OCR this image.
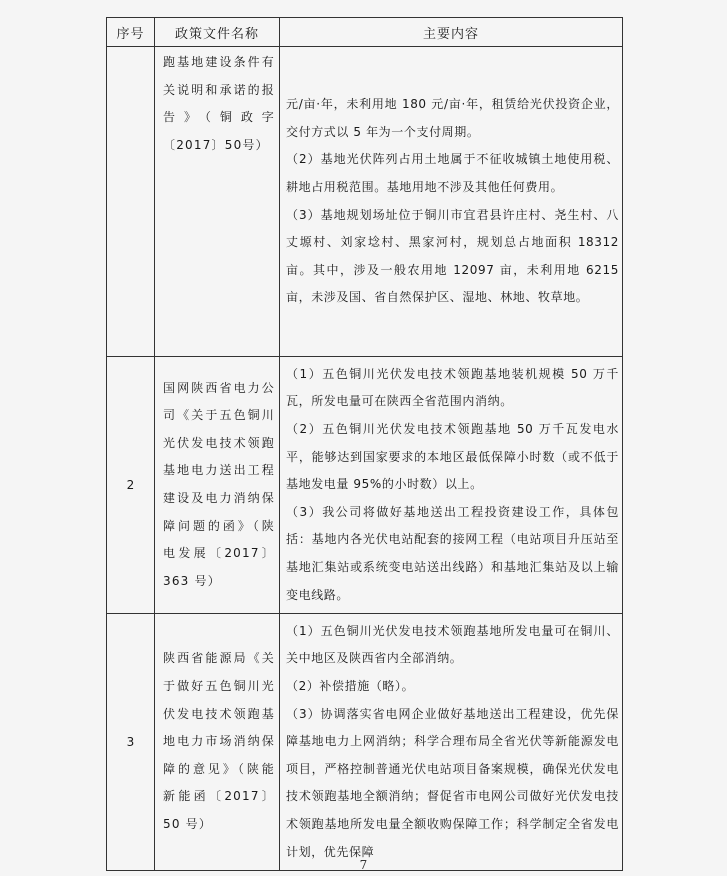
序号	政策文件名称	主要内容
	跑基地建设条件有关说明和承诺的报告》（铜政字〔2017〕50号）	元/亩·年，未利用地 180 元/亩·年，租赁给光伏投资企业，交付方式以 5 年为一个支付周期。

（2）基地光伏阵列占用土地属于不征收城镇土地使用税、耕地占用税范围。基地用地不涉及其他任何费用。

（3）基地规划场址位于铜川市宜君县许庄村、尧生村、八丈塬村、刘家埝村、黑家河村，规划总占地面积 18312 亩。其中，涉及一般农用地 12097 亩，未利用地 6215 亩，未涉及国、省自然保护区、湿地、林地、牧草地。

2	国网陕西省电力公司《关于五色铜川光伏发电技术领跑基地电力送出工程建设及电力消纳保障问题的函》（陕电发展〔2017〕363 号）	（1）五色铜川光伏发电技术领跑基地装机规模 50 万千瓦，所发电量可在陕西全省范围内消纳。

（2）五色铜川光伏发电技术领跑基地 50 万千瓦发电水平，能够达到国家要求的本地区最低保障小时数（或不低于基地发电量 95%的小时数）以上。

（3）我公司将做好基地送出工程投资建设工作，具体包括：基地内各光伏电站配套的接网工程（电站项目升压站至基地汇集站或系统变电站送出线路）和基地汇集站及以上输变电线路。

3	陕西省能源局《关于做好五色铜川光伏发电技术领跑基地电力市场消纳保障的意见》（陕能新能函〔2017〕50 号）	（1）五色铜川光伏发电技术领跑基地所发电量可在铜川、关中地区及陕西省内全部消纳。

（2）补偿措施（略）。

（3）协调落实省电网企业做好基地送出工程建设，优先保障基地电力上网消纳；科学合理布局全省光伏等新能源发电项目，严格控制普通光伏电站项目备案规模，确保光伏发电技术领跑基地全额消纳；督促省市电网公司做好光伏发电技术领跑基地所发电量全额收购保障工作；科学制定全省发电计划，优先保障

7
